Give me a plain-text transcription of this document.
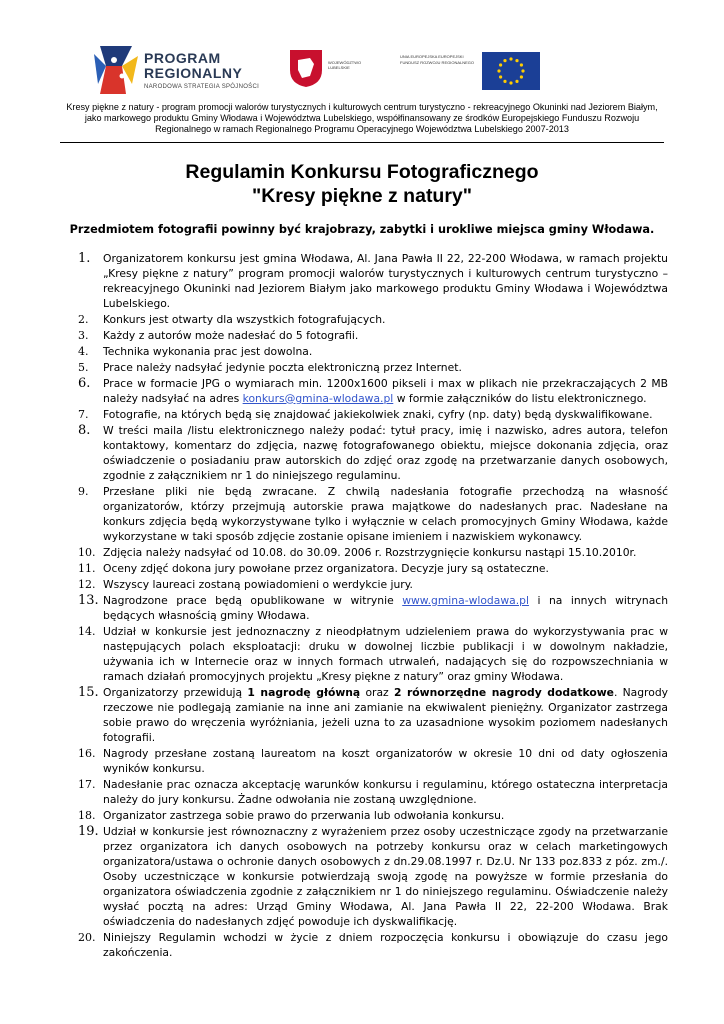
PROGRAM
REGIONALNY
NARODOWA STRATEGIA SPÓJNOŚCI
WOJEWÓDZTWO LUBELSKIE
UNIA EUROPEJSKA EUROPEJSKI FUNDUSZ ROZWOJU REGIONALNEGO
Kresy piękne z natury - program promocji walorów turystycznych i kulturowych centrum turystyczno - rekreacyjnego Okuninki nad Jeziorem Białym, jako markowego produktu Gminy Włodawa i Województwa Lubelskiego, współfinansowany ze środków Europejskiego Funduszu Rozwoju Regionalnego w ramach Regionalnego Programu Operacyjnego Województwa Lubelskiego 2007-2013
Regulamin Konkursu Fotograficznego
"Kresy piękne z natury"
Przedmiotem fotografii powinny być krajobrazy, zabytki i urokliwe miejsca gminy Włodawa.
1. Organizatorem konkursu jest gmina Włodawa, Al. Jana Pawła II 22, 22-200 Włodawa, w ramach projektu „Kresy piękne z natury” program promocji walorów turystycznych i kulturowych centrum turystyczno – rekreacyjnego Okuninki nad Jeziorem Białym jako markowego produktu Gminy Włodawa i Województwa Lubelskiego.
2. Konkurs jest otwarty dla wszystkich fotografujących.
3. Każdy z autorów może nadesłać do 5 fotografii.
4. Technika wykonania prac jest dowolna.
5. Prace należy nadsyłać jedynie poczta elektroniczną przez Internet.
6. Prace w formacie JPG o wymiarach min. 1200x1600 pikseli i max w plikach nie przekraczających 2 MB należy nadsyłać na adres konkurs@gmina-wlodawa.pl w formie załączników do listu elektronicznego.
7. Fotografie, na których będą się znajdować jakiekolwiek znaki, cyfry (np. daty) będą dyskwalifikowane.
8. W treści maila /listu elektronicznego należy podać: tytuł pracy, imię i nazwisko, adres autora, telefon kontaktowy, komentarz do zdjęcia, nazwę fotografowanego obiektu, miejsce dokonania zdjęcia, oraz oświadczenie o posiadaniu praw autorskich do zdjęć oraz zgodę na przetwarzanie danych osobowych, zgodnie z załącznikiem nr 1 do niniejszego regulaminu.
9. Przesłane pliki nie będą zwracane. Z chwilą nadesłania fotografie przechodzą na własność organizatorów, którzy przejmują autorskie prawa majątkowe do nadesłanych prac. Nadesłane na konkurs zdjęcia będą wykorzystywane tylko i wyłącznie w celach promocyjnych Gminy Włodawa, każde wykorzystane w taki sposób zdjęcie zostanie opisane imieniem i nazwiskiem wykonawcy.
10. Zdjęcia należy nadsyłać od 10.08. do 30.09. 2006 r. Rozstrzygnięcie konkursu nastąpi 15.10.2010r.
11. Oceny zdjęć dokona jury powołane przez organizatora. Decyzje jury są ostateczne.
12. Wszyscy laureaci zostaną powiadomieni o werdykcie jury.
13. Nagrodzone prace będą opublikowane w witrynie www.gmina-wlodawa.pl i na innych witrynach będących własnością gminy Włodawa.
14. Udział w konkursie jest jednoznaczny z nieodpłatnym udzieleniem prawa do wykorzystywania prac w następujących polach eksploatacji: druku w dowolnej liczbie publikacji i w dowolnym nakładzie, używania ich w Internecie oraz w innych formach utrwaleń, nadających się do rozpowszechniania w ramach działań promocyjnych projektu „Kresy piękne z natury” oraz gminy Włodawa.
15. Organizatorzy przewidują 1 nagrodę główną oraz 2 równorzędne nagrody dodatkowe. Nagrody rzeczowe nie podlegają zamianie na inne ani zamianie na ekwiwalent pieniężny. Organizator zastrzega sobie prawo do wręczenia wyróżniania, jeżeli uzna to za uzasadnione wysokim poziomem nadesłanych fotografii.
16. Nagrody przesłane zostaną laureatom na koszt organizatorów w okresie 10 dni od daty ogłoszenia wyników konkursu.
17. Nadesłanie prac oznacza akceptację warunków konkursu i regulaminu, którego ostateczna interpretacja należy do jury konkursu. Żadne odwołania nie zostaną uwzględnione.
18. Organizator zastrzega sobie prawo do przerwania lub odwołania konkursu.
19. Udział w konkursie jest równoznaczny z wyrażeniem przez osoby uczestniczące zgody na przetwarzanie przez organizatora ich danych osobowych na potrzeby konkursu oraz w celach marketingowych organizatora/ustawa o ochronie danych osobowych z dn.29.08.1997 r. Dz.U. Nr 133 poz.833 z póz. zm./. Osoby uczestniczące w konkursie potwierdzają swoją zgodę na powyższe w formie przesłania do organizatora oświadczenia zgodnie z załącznikiem nr 1 do niniejszego regulaminu. Oświadczenie należy wysłać pocztą na adres: Urząd Gminy Włodawa, Al. Jana Pawła II 22, 22-200 Włodawa. Brak oświadczenia do nadesłanych zdjęć powoduje ich dyskwalifikację.
20. Niniejszy Regulamin wchodzi w życie z dniem rozpoczęcia konkursu i obowiązuje do czasu jego zakończenia.
